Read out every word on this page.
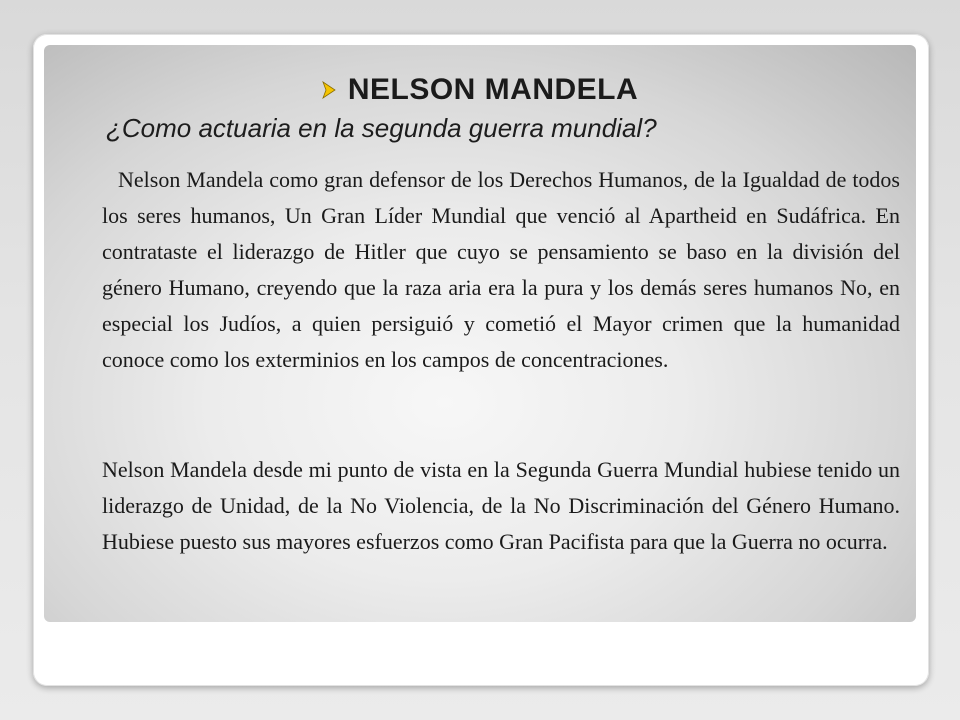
NELSON MANDELA
¿Como actuaria en la segunda guerra mundial?

Nelson Mandela como gran defensor de los Derechos Humanos, de la Igualdad de todos los seres humanos, Un Gran Líder Mundial que venció al Apartheid en Sudáfrica. En contrataste el liderazgo de Hitler que cuyo se pensamiento se baso en la división del género Humano, creyendo que la raza aria era la pura y los demás seres humanos No, en especial los Judíos, a quien persiguió y cometió el Mayor crimen que la humanidad conoce como los exterminios en los campos de concentraciones.

Nelson Mandela desde mi punto de vista en la Segunda Guerra Mundial hubiese tenido un liderazgo de Unidad, de la No Violencia, de la No Discriminación del Género Humano. Hubiese puesto sus mayores esfuerzos como Gran Pacifista para que la Guerra no ocurra.
